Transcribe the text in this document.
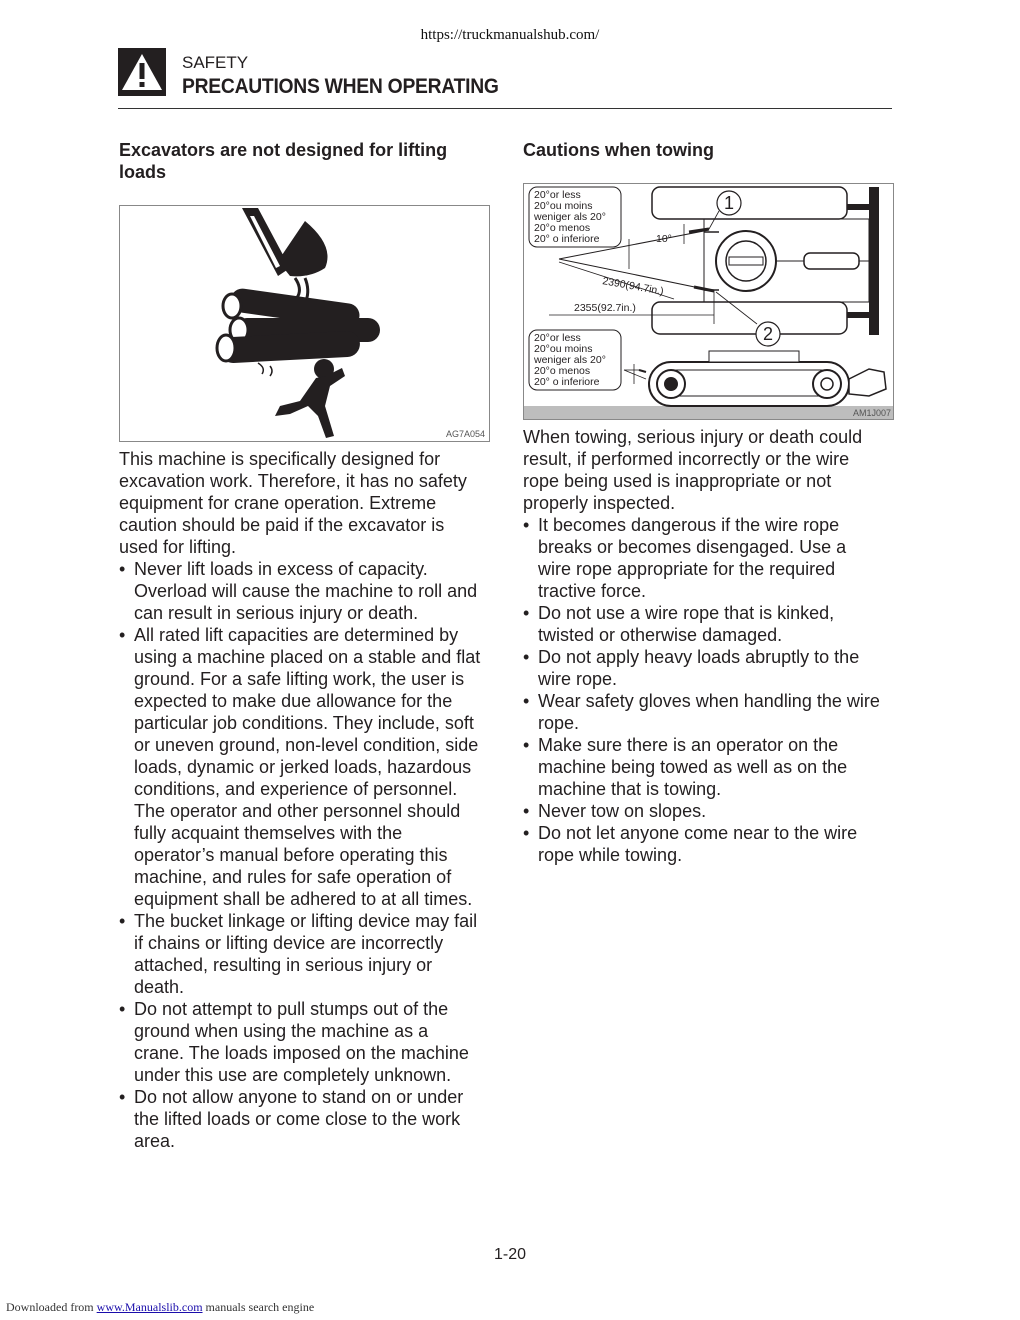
https://truckmanualshub.com/
SAFETY
PRECAUTIONS WHEN OPERATING
Excavators are not designed for lifting
loads
AG7A054

This machine is specifically designed for
excavation work. Therefore, it has no safety
equipment for crane operation. Extreme
caution should be paid if the excavator is
used for lifting.

• Never lift loads in excess of capacity.
Overload will cause the machine to roll and
can result in serious injury or death.
• All rated lift capacities are determined by
using a machine placed on a stable and flat
ground. For a safe lifting work, the user is
expected to make due allowance for the
particular job conditions. They include, soft
or uneven ground, non-level condition, side
loads, dynamic or jerked loads, hazardous
conditions, and experience of personnel.
The operator and other personnel should
fully acquaint themselves with the
operator’s manual before operating this
machine, and rules for safe operation of
equipment shall be adhered to at all times.
• The bucket linkage or lifting device may fail
if chains or lifting device are incorrectly
attached, resulting in serious injury or
death.
• Do not attempt to pull stumps out of the
ground when using the machine as a
crane. The loads imposed on the machine
under this use are completely unknown.
• Do not allow anyone to stand on or under
the lifted loads or come close to the work
area.
Cautions when towing
1
2
20°or less
20°ou moins
weniger als 20°
20°o menos
20° o inferiore	10°
2390(94.7in.)
2355(92.7in.)
20°or less
20°ou moins
weniger als 20°
20°o menos
20° o inferiore
AM1J007

When towing, serious injury or death could
result, if performed incorrectly or the wire
rope being used is inappropriate or not
properly inspected.

• It becomes dangerous if the wire rope
breaks or becomes disengaged. Use a
wire rope appropriate for the required
tractive force.
• Do not use a wire rope that is kinked,
twisted or otherwise damaged.
• Do not apply heavy loads abruptly to the
wire rope.
• Wear safety gloves when handling the wire
rope.
• Make sure there is an operator on the
machine being towed as well as on the
machine that is towing.
• Never tow on slopes.
• Do not let anyone come near to the wire
rope while towing.
1-20
Downloaded from www.Manualslib.com manuals search engine
